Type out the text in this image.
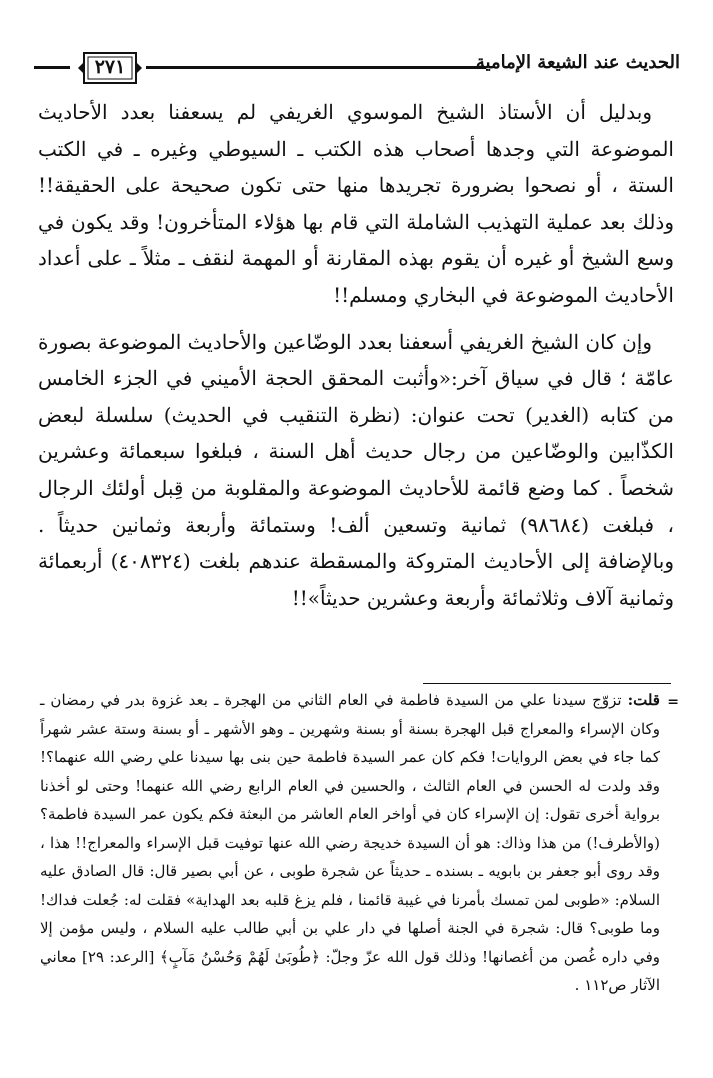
٢٧١	الحديث عند الشيعة الإمامية

وبدليل أن الأستاذ الشيخ الموسوي الغريفي لم يسعفنا بعدد الأحاديث الموضوعة التي وجدها أصحاب هذه الكتب ـ السيوطي وغيره ـ في الكتب الستة ، أو نصحوا بضرورة تجريدها منها حتى تكون صحيحة على الحقيقة!! وذلك بعد عملية التهذيب الشاملة التي قام بها هؤلاء المتأخرون! وقد يكون في وسع الشيخ أو غيره أن يقوم بهذه المقارنة أو المهمة لنقف ـ مثلاً ـ على أعداد الأحاديث الموضوعة في البخاري ومسلم!!

وإن كان الشيخ الغريفي أسعفنا بعدد الوضّاعين والأحاديث الموضوعة بصورة عامّة ؛ قال في سياق آخر:«وأثبت المحقق الحجة الأميني في الجزء الخامس من كتابه (الغدير) تحت عنوان: (نظرة التنقيب في الحديث) سلسلة لبعض الكذّابين والوضّاعين من رجال حديث أهل السنة ، فبلغوا سبعمائة وعشرين شخصاً . كما وضع قائمة للأحاديث الموضوعة والمقلوبة من قِبل أولئك الرجال ، فبلغت (٩٨٦٨٤) ثمانية وتسعين ألف! وستمائة وأربعة وثمانين حديثاً . وبالإضافة إلى الأحاديث المتروكة والمسقطة عندهم بلغت (٤٠٨٣٢٤) أربعمائة وثمانية آلاف وثلاثمائة وأربعة وعشرين حديثاً»!!

=
قلت: تزوّج سيدنا علي من السيدة فاطمة في العام الثاني من الهجرة ـ بعد غزوة بدر في رمضان ـ وكان الإسراء والمعراج قبل الهجرة بسنة أو بسنة وشهرين ـ وهو الأشهر ـ أو بسنة وستة عشر شهراً كما جاء في بعض الروايات! فكم كان عمر السيدة فاطمة حين بنى بها سيدنا علي رضي الله عنهما؟! وقد ولدت له الحسن في العام الثالث ، والحسين في العام الرابع رضي الله عنهما! وحتى لو أخذنا برواية أخرى تقول: إن الإسراء كان في أواخر العام العاشر من البعثة فكم يكون عمر السيدة فاطمة؟ (والأطرف!) من هذا وذاك: هو أن السيدة خديجة رضي الله عنها توفيت قبل الإسراء والمعراج!! هذا ، وقد روى أبو جعفر بن بابويه ـ بسنده ـ حديثاً عن شجرة طوبى ، عن أبي بصير قال: قال الصادق عليه السلام: «طوبى لمن تمسك بأمرنا في غيبة قائمنا ، فلم يزغ قلبه بعد الهداية» فقلت له: جُعلت فداك! وما طوبى؟ قال: شجرة في الجنة أصلها في دار علي بن أبي طالب عليه السلام ، وليس مؤمن إلا وفي داره غُصن من أغصانها! وذلك قول الله عزّ وجلّ: ﴿طُوبَىٰ لَهُمْ وَحُسْنُ مَآبٍ﴾ [الرعد: ٢٩] معاني الآثار ص١١٢ .
